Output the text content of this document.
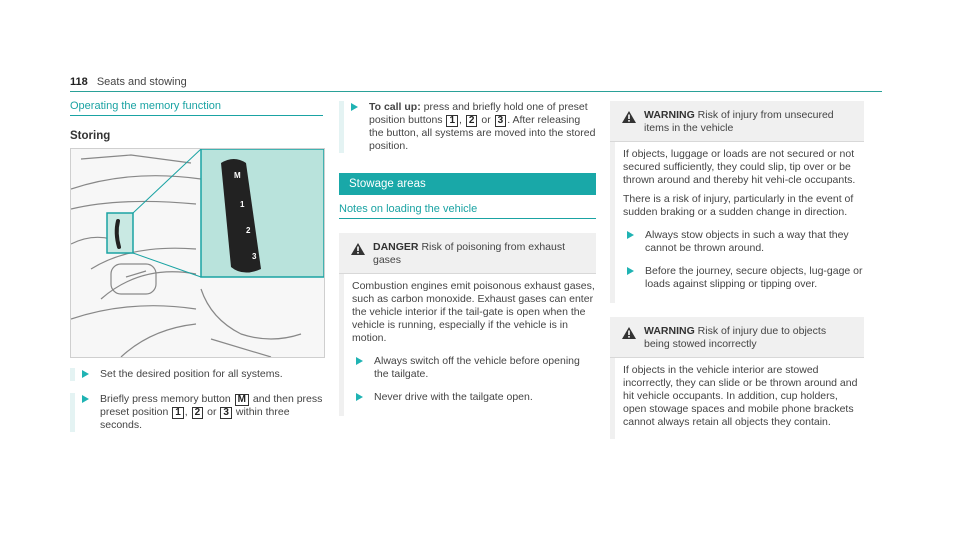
118 Seats and stowing
Operating the memory function
Storing
M
1
2
3
Set the desired position for all systems.
Briefly press memory button M and then press preset position 1 , 2 or 3 within three seconds.
To call up: press and briefly hold one of preset position buttons 1 , 2 or 3 . After releasing the button, all systems are moved into the stored position.
Stowage areas
Notes on loading the vehicle
DANGER Risk of poisoning from exhaust gases

Combustion engines emit poisonous exhaust gases, such as carbon monoxide. Exhaust gases can enter the vehicle interior if the tail-gate is open when the vehicle is running, especially if the vehicle is in motion.

Always switch off the vehicle before opening the tailgate.
Never drive with the tailgate open.
WARNING Risk of injury from unsecured items in the vehicle

If objects, luggage or loads are not secured or not secured sufficiently, they could slip, tip over or be thrown around and thereby hit vehi-cle occupants.

There is a risk of injury, particularly in the event of sudden braking or a sudden change in direction.

Always stow objects in such a way that they cannot be thrown around.
Before the journey, secure objects, lug-gage or loads against slipping or tipping over.
WARNING Risk of injury due to objects being stowed incorrectly

If objects in the vehicle interior are stowed incorrectly, they can slide or be thrown around and hit vehicle occupants. In addition, cup holders, open stowage spaces and mobile phone brackets cannot always retain all objects they contain.
